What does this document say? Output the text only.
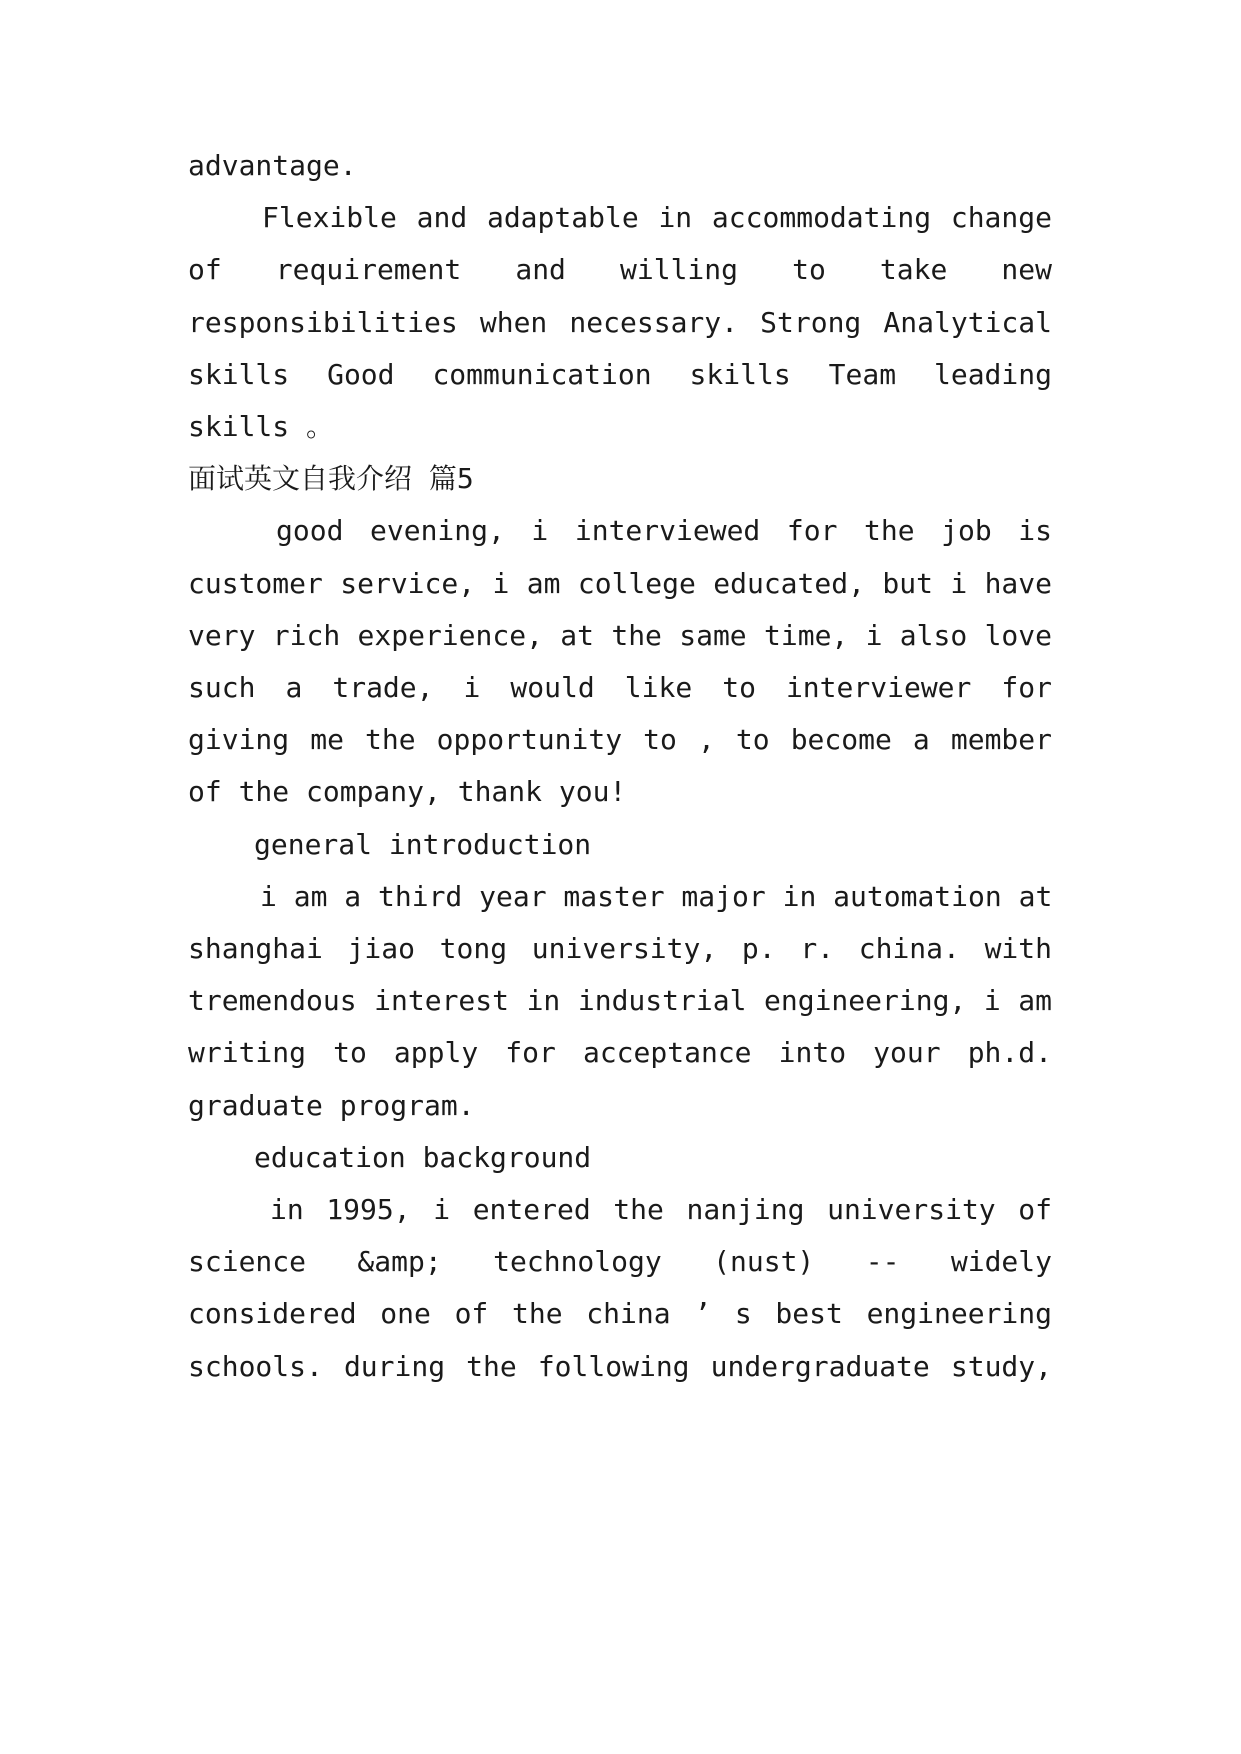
advantage.
Flexible and adaptable in accommodating change
of requirement and willing to take new
responsibilities when necessary. Strong Analytical
skills Good communication skills Team leading
skills 。
面试英文自我介绍 篇5
good evening, i interviewed for the job is
customer service, i am college educated, but i have
very rich experience, at the same time, i also love
such a trade, i would like to interviewer for
giving me the opportunity to , to become a member
of the company, thank you!
general introduction
i am a third year master major in automation at
shanghai jiao tong university, p. r. china. with
tremendous interest in industrial engineering, i am
writing to apply for acceptance into your ph.d.
graduate program.
education background
in 1995, i entered the nanjing university of
science &amp; technology (nust) -- widely
considered one of the china ’ s best engineering
schools. during the following undergraduate study,
